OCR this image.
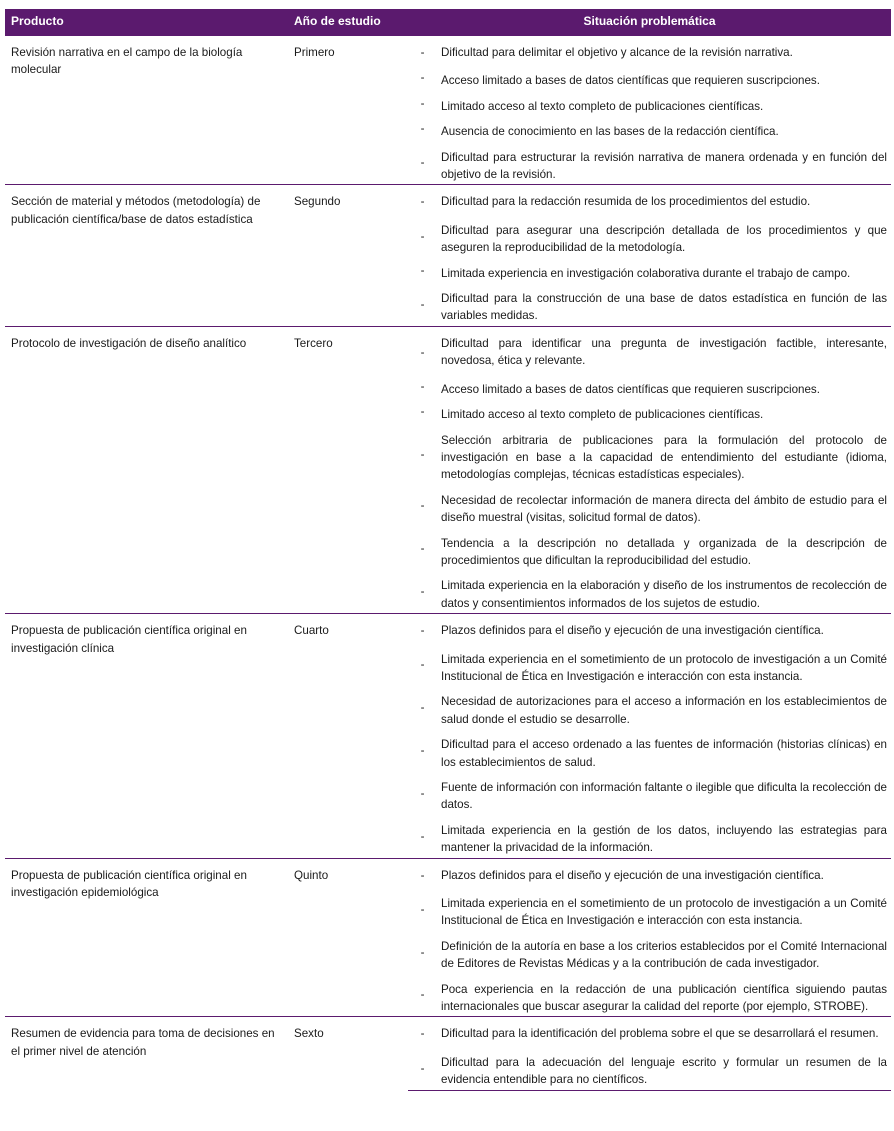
Producto	Año de estudio	Situación problemática	
Revisión narrativa en el campo de la biología molecular	Primero	-	Dificultad para delimitar el objetivo y alcance de la revisión narrativa.
		-	Acceso limitado a bases de datos científicas que requieren suscripciones.
		-	Limitado acceso al texto completo de publicaciones científicas.
		-	Ausencia de conocimiento en las bases de la redacción científica.
		-	Dificultad para estructurar la revisión narrativa de manera ordenada y en función del objetivo de la revisión.
Sección de material y métodos (metodología) de publicación científica/base de datos estadística	Segundo	-	Dificultad para la redacción resumida de los procedimientos del estudio.
		-	Dificultad para asegurar una descripción detallada de los procedimientos y que aseguren la reproducibilidad de la metodología.
		-	Limitada experiencia en investigación colaborativa durante el trabajo de campo.
		-	Dificultad para la construcción de una base de datos estadística en función de las variables medidas.
Protocolo de investigación de diseño analítico	Tercero	-	Dificultad para identificar una pregunta de investigación factible, interesante, novedosa, ética y relevante.
		-	Acceso limitado a bases de datos científicas que requieren suscripciones.
		-	Limitado acceso al texto completo de publicaciones científicas.
		-	Selección arbitraria de publicaciones para la formulación del protocolo de investigación en base a la capacidad de entendimiento del estudiante (idioma, metodologías complejas, técnicas estadísticas especiales).
		-	Necesidad de recolectar información de manera directa del ámbito de estudio para el diseño muestral (visitas, solicitud formal de datos).
		-	Tendencia a la descripción no detallada y organizada de la descripción de procedimientos que dificultan la reproducibilidad del estudio.
		-	Limitada experiencia en la elaboración y diseño de los instrumentos de recolección de datos y consentimientos informados de los sujetos de estudio.
Propuesta de publicación científica original en investigación clínica	Cuarto	-	Plazos definidos para el diseño y ejecución de una investigación científica.
		-	Limitada experiencia en el sometimiento de un protocolo de investigación a un Comité Institucional de Ética en Investigación e interacción con esta instancia.
		-	Necesidad de autorizaciones para el acceso a información en los establecimientos de salud donde el estudio se desarrolle.
		-	Dificultad para el acceso ordenado a las fuentes de información (historias clínicas) en los establecimientos de salud.
		-	Fuente de información con información faltante o ilegible que dificulta la recolección de datos.
		-	Limitada experiencia en la gestión de los datos, incluyendo las estrategias para mantener la privacidad de la información.
Propuesta de publicación científica original en investigación epidemiológica	Quinto	-	Plazos definidos para el diseño y ejecución de una investigación científica.
		-	Limitada experiencia en el sometimiento de un protocolo de investigación a un Comité Institucional de Ética en Investigación e interacción con esta instancia.
		-	Definición de la autoría en base a los criterios establecidos por el Comité Internacional de Editores de Revistas Médicas y a la contribución de cada investigador.
		-	Poca experiencia en la redacción de una publicación científica siguiendo pautas internacionales que buscar asegurar la calidad del reporte (por ejemplo, STROBE).
Resumen de evidencia para toma de decisiones en el primer nivel de atención	Sexto	-	Dificultad para la identificación del problema sobre el que se desarrollará el resumen.
		-	Dificultad para la adecuación del lenguaje escrito y formular un resumen de la evidencia entendible para no científicos.
